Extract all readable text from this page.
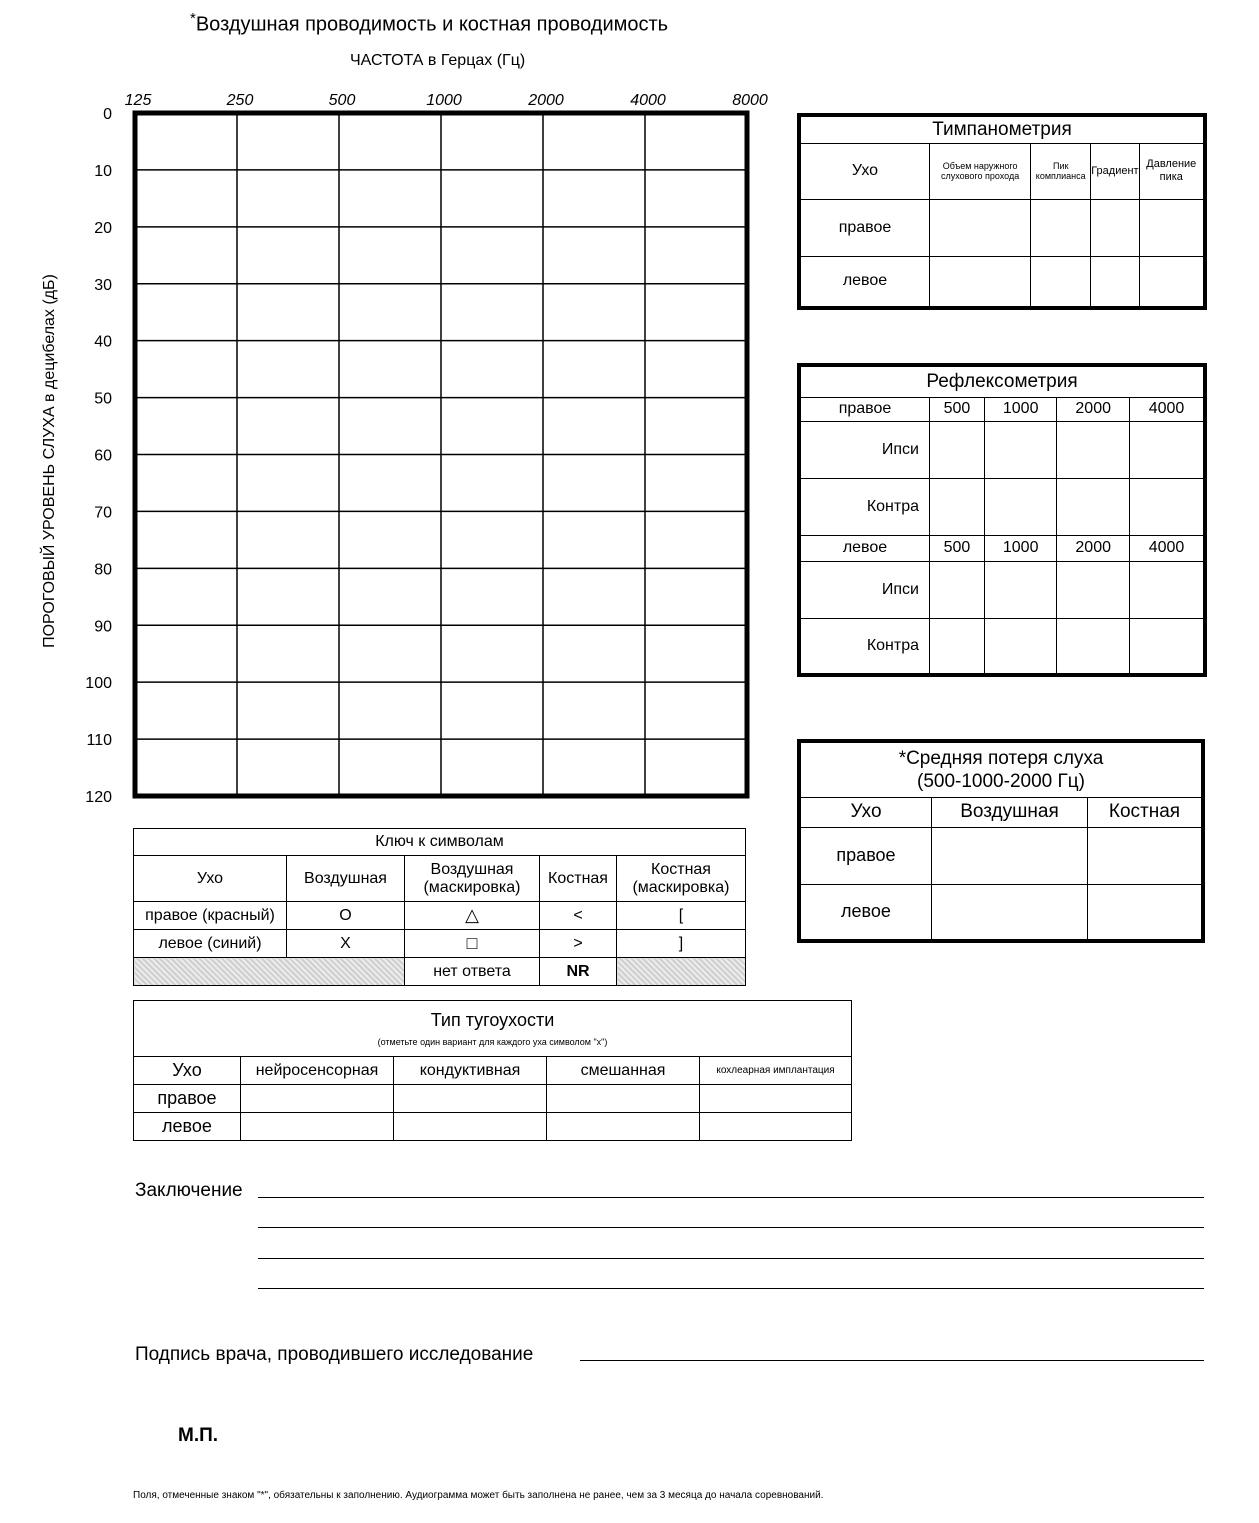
*Воздушная проводимость и костная проводимость
ЧАСТОТА в Герцах (Гц)
ПОРОГОВЫЙ УРОВЕНЬ СЛУХА в децибелах (дБ)
125	250	500	1000	2000	4000	8000
0
10
20
30
40
50
60
70
80
90
100
110
120
Тимпанометрия				
Ухо	Объем наружного слухового прохода	Пик комплианса	Градиент	Давление пика
правое				
левое				
Рефлексометрия				
правое	500	1000	2000	4000
Ипси				
Контра				
левое	500	1000	2000	4000
Ипси				
Контра				
*Средняя потеря слуха
(500-1000-2000 Гц)		

Ухо	Воздушная	Костная
правое		
левое		
Ключ к символам				
Ухо	Воздушная	Воздушная (маскировка)	Костная	Костная (маскировка)
правое (красный)	O	△	<	[
левое (синий)	X	□	>	]
		нет ответа	NR	
Тип тугоухости
(отметьте один вариант для каждого уха символом "х")				

Ухо	нейросенсорная	кондуктивная	смешанная	кохлеарная имплантация
правое				
левое				
Заключение
Подпись врача, проводившего исследование
М.П.
Поля, отмеченные знаком "*", обязательны к заполнению. Аудиограмма может быть заполнена не ранее, чем за 3 месяца до начала соревнований.
